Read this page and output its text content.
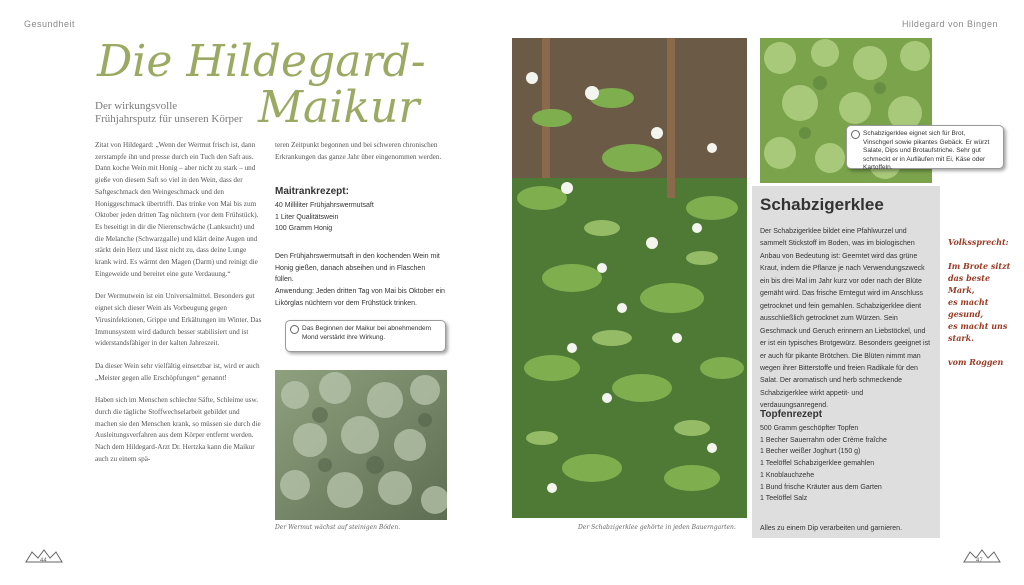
Gesundheit	Hildegard von Bingen
Die Hildegard-
Maikur
Der wirkungsvolle
Frühjahrsputz für unseren Körper

Zitat von Hildegard: „Wenn der Wermut frisch ist, dann zerstampfe ihn und presse durch ein Tuch den Saft aus. Dann koche Wein mit Honig – aber nicht zu stark – und gieße von diesem Saft so viel in den Wein, dass der Saftgeschmack den Weingeschmack und den Honiggeschmack übertrifft. Das trinke von Mai bis zum Oktober jeden dritten Tag nüchtern (vor dem Frühstück). Es beseitigt in dir die Nierenschwäche (Lanksucht) und die Melanche (Schwarzgalle) und klärt deine Augen und stärkt dein Herz und lässt nicht zu, dass deine Lunge krank wird. Es wärmt den Magen (Darm) und reinigt die Eingeweide und bereitet eine gute Verdauung.“

Der Wermutwein ist ein Universalmittel. Besonders gut eignet sich dieser Wein als Vorbeugung gegen Virusinfektionen, Grippe und Erkältungen im Winter. Das Immunsystem wird dadurch besser stabilisiert und ist widerstandsfähiger in der kalten Jahreszeit.

Da dieser Wein sehr vielfältig einsetzbar ist, wird er auch „Meister gegen alle Erschöpfungen“ genannt!

Haben sich im Menschen schlechte Säfte, Schleime usw. durch die tägliche Stoffwechselarbeit gebildet und machen sie den Menschen krank, so müssen sie durch die Ausleitungsverfahren aus dem Körper entfernt werden. Nach dem Hildegard-Arzt Dr. Hertzka kann die Maikur auch zu einem spä-

teren Zeitpunkt begonnen und bei schweren chronischen Erkrankungen das ganze Jahr über eingenommen werden.
Maitrankrezept:

40 Milliliter Frühjahrswermutsaft

1 Liter Qualitätswein

100 Gramm Honig

Den Frühjahrswermutsaft in den kochenden Wein mit Honig gießen, danach abseihen und in Flaschen füllen.

Anwendung: Jeden dritten Tag von Mai bis Oktober ein Likörglas nüchtern vor dem Frühstück trinken.

Das Beginnen der Maikur bei abnehmendem Mond verstärkt ihre Wirkung.
Der Wermut wächst auf steinigen Böden.	Der Schabzigerklee gehörte in jeden Bauerngarten.
Schabzigerklee eignet sich für Brot, Vinschgerl sowie pikantes Gebäck. Er würzt Salate, Dips und Brotaufstriche. Sehr gut schmeckt er in Aufläufen mit Ei, Käse oder Kartoffeln.
Schabzigerklee
Der Schabzigerklee bildet eine Pfahlwurzel und sammelt Stickstoff im Boden, was im biologischen Anbau von Bedeutung ist: Geerntet wird das grüne Kraut, indem die Pflanze je nach Verwendungszweck ein bis drei Mal im Jahr kurz vor oder nach der Blüte gemäht wird. Das frische Erntegut wird im Anschluss getrocknet und fein gemahlen. Schabzigerklee dient ausschließlich getrocknet zum Würzen. Sein Geschmack und Geruch erinnern an Liebstöckel, und er ist ein typisches Brotgewürz. Besonders geeignet ist er auch für pikante Brötchen. Die Blüten nimmt man wegen ihrer Bitterstoffe und freien Radikale für den Salat. Der aromatisch und herb schmeckende Schabzigerklee wirkt appetit- und verdauungsanregend.
Topfenrezept

500 Gramm geschöpfter Topfen

1 Becher Sauerrahm oder Crème fraîche

1 Becher weißer Joghurt (150 g)

1 Teelöffel Schabzigerklee gemahlen

1 Knoblauchzehe

1 Bund frische Kräuter aus dem Garten

1 Teelöffel Salz

Alles zu einem Dip verarbeiten und garnieren.
Volkssprecht:
Im Brote sitzt
das beste Mark,
es macht gesund,
es macht uns stark.
vom Roggen
44	47
